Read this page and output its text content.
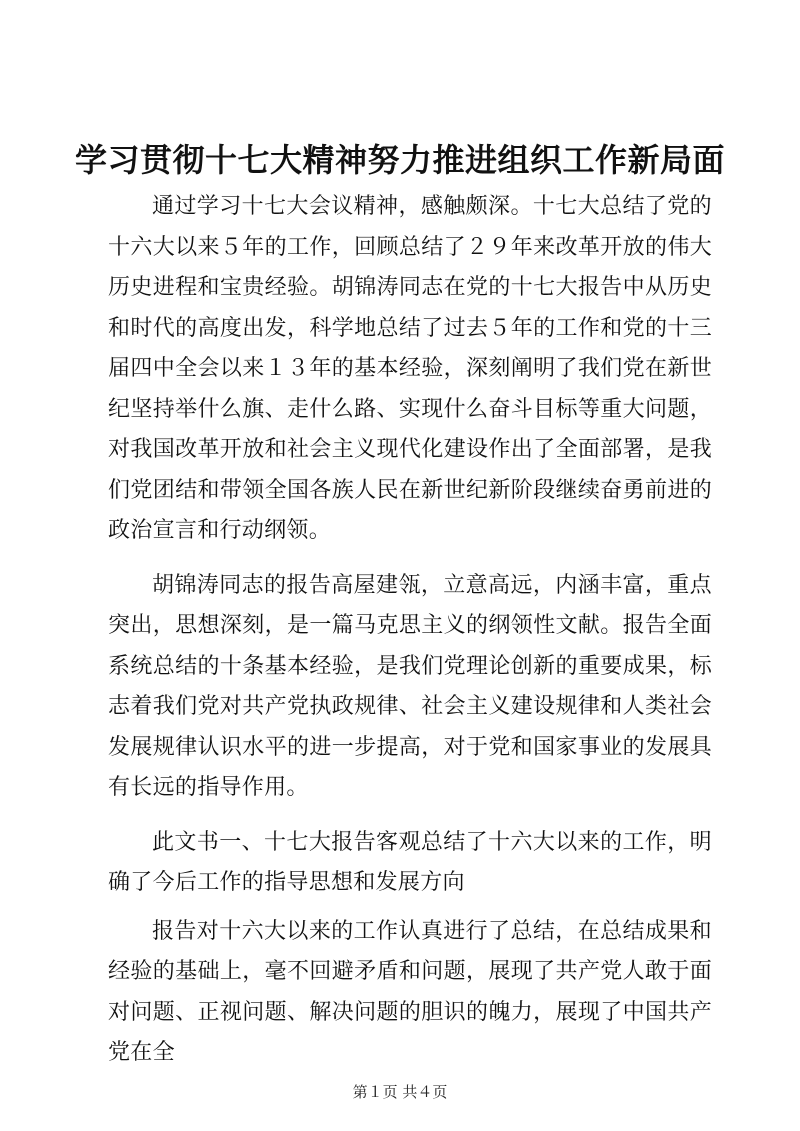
学习贯彻十七大精神努力推进组织工作新局面

通过学习十七大会议精神，感触颇深。十七大总结了党的十六大以来５年的工作，回顾总结了２９年来改革开放的伟大历史进程和宝贵经验。胡锦涛同志在党的十七大报告中从历史和时代的高度出发，科学地总结了过去５年的工作和党的十三届四中全会以来１３年的基本经验，深刻阐明了我们党在新世纪坚持举什么旗、走什么路、实现什么奋斗目标等重大问题，对我国改革开放和社会主义现代化建设作出了全面部署，是我们党团结和带领全国各族人民在新世纪新阶段继续奋勇前进的政治宣言和行动纲领。

胡锦涛同志的报告高屋建瓴，立意高远，内涵丰富，重点突出，思想深刻，是一篇马克思主义的纲领性文献。报告全面系统总结的十条基本经验，是我们党理论创新的重要成果，标志着我们党对共产党执政规律、社会主义建设规律和人类社会发展规律认识水平的进一步提高，对于党和国家事业的发展具有长远的指导作用。

此文书一、十七大报告客观总结了十六大以来的工作，明确了今后工作的指导思想和发展方向

报告对十六大以来的工作认真进行了总结，在总结成果和经验的基础上，毫不回避矛盾和问题，展现了共产党人敢于面对问题、正视问题、解决问题的胆识的魄力，展现了中国共产党在全

第１页 共４页
